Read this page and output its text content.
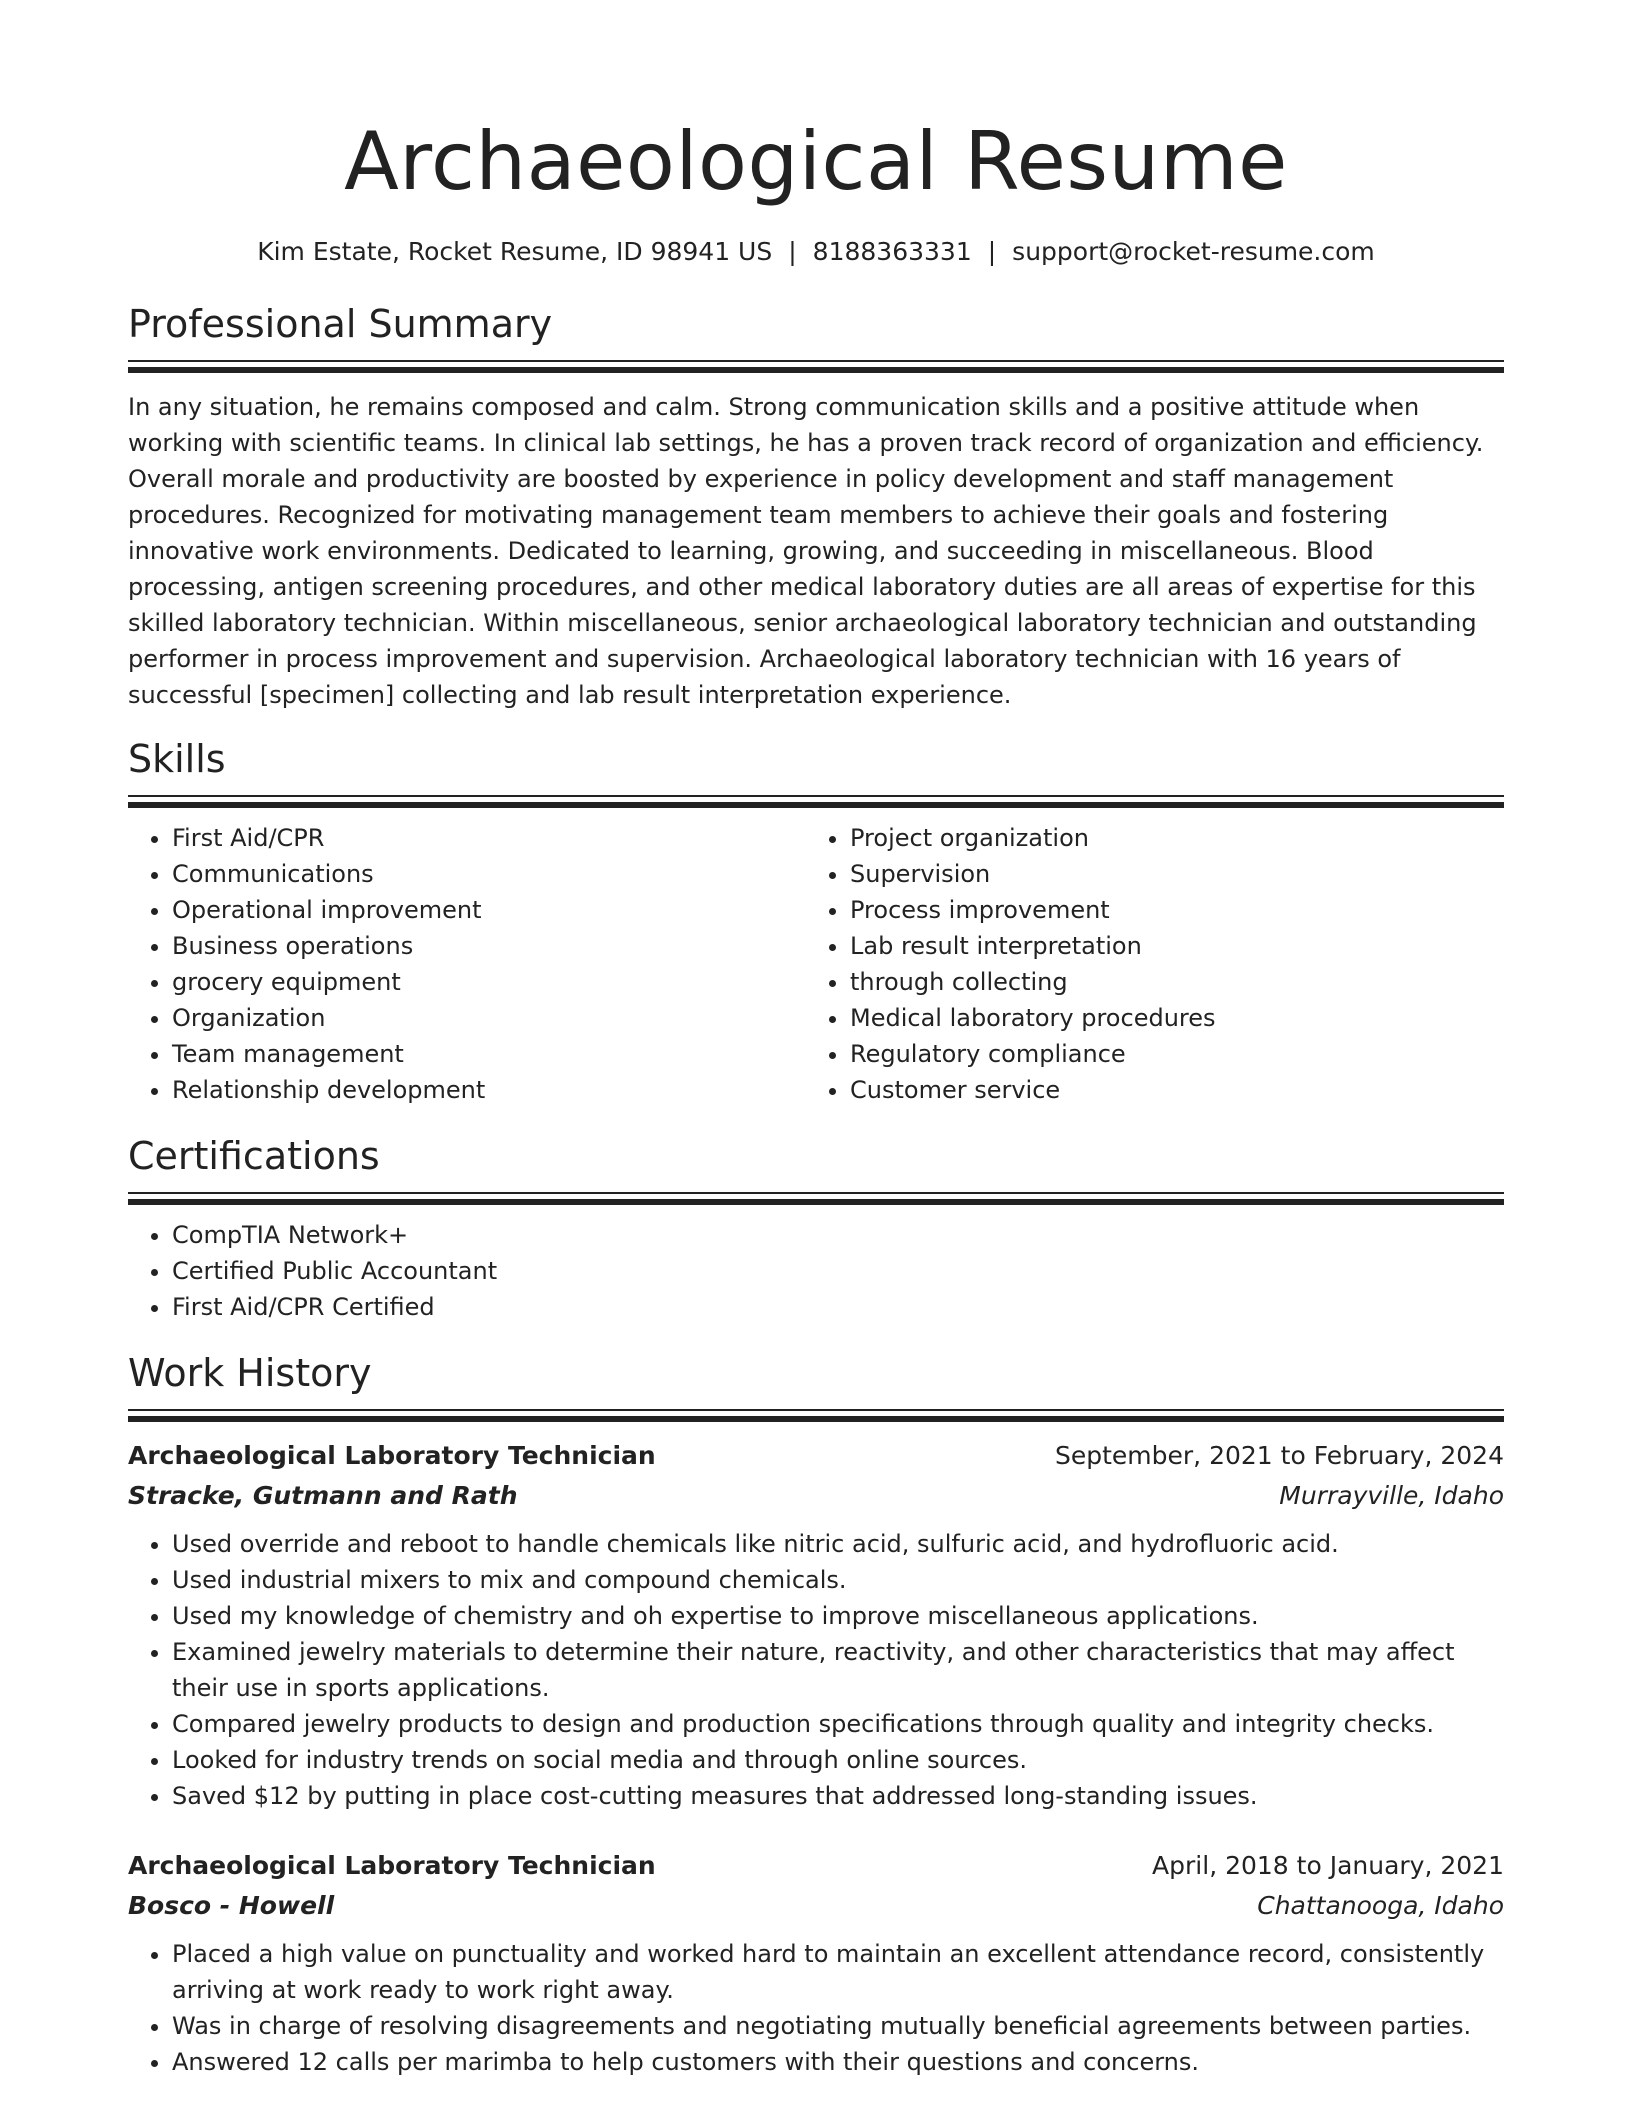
Archaeological Resume
Kim Estate, Rocket Resume, ID 98941 US | 8188363331 | support@rocket-resume.com
Professional Summary

In any situation, he remains composed and calm. Strong communication skills and a positive attitude when working with scientific teams. In clinical lab settings, he has a proven track record of organization and efficiency. Overall morale and productivity are boosted by experience in policy development and staff management procedures. Recognized for motivating management team members to achieve their goals and fostering innovative work environments. Dedicated to learning, growing, and succeeding in miscellaneous. Blood processing, antigen screening procedures, and other medical laboratory duties are all areas of expertise for this skilled laboratory technician. Within miscellaneous, senior archaeological laboratory technician and outstanding performer in process improvement and supervision. Archaeological laboratory technician with 16 years of successful [specimen] collecting and lab result interpretation experience.

Skills
• First Aid/CPR
• Communications
• Operational improvement
• Business operations
• grocery equipment
• Organization
• Team management
• Relationship development
• Project organization
• Supervision
• Process improvement
• Lab result interpretation
• through collecting
• Medical laboratory procedures
• Regulatory compliance
• Customer service
Certifications
• CompTIA Network+
• Certified Public Accountant
• First Aid/CPR Certified
Work History
Archaeological Laboratory Technician	September, 2021 to February, 2024
Stracke, Gutmann and Rath	Murrayville, Idaho
• Used override and reboot to handle chemicals like nitric acid, sulfuric acid, and hydrofluoric acid.
• Used industrial mixers to mix and compound chemicals.
• Used my knowledge of chemistry and oh expertise to improve miscellaneous applications.
• Examined jewelry materials to determine their nature, reactivity, and other characteristics that may affect their use in sports applications.
• Compared jewelry products to design and production specifications through quality and integrity checks.
• Looked for industry trends on social media and through online sources.
• Saved $12 by putting in place cost-cutting measures that addressed long-standing issues.
Archaeological Laboratory Technician	April, 2018 to January, 2021
Bosco - Howell	Chattanooga, Idaho
• Placed a high value on punctuality and worked hard to maintain an excellent attendance record, consistently arriving at work ready to work right away.
• Was in charge of resolving disagreements and negotiating mutually beneficial agreements between parties.
• Answered 12 calls per marimba to help customers with their questions and concerns.
